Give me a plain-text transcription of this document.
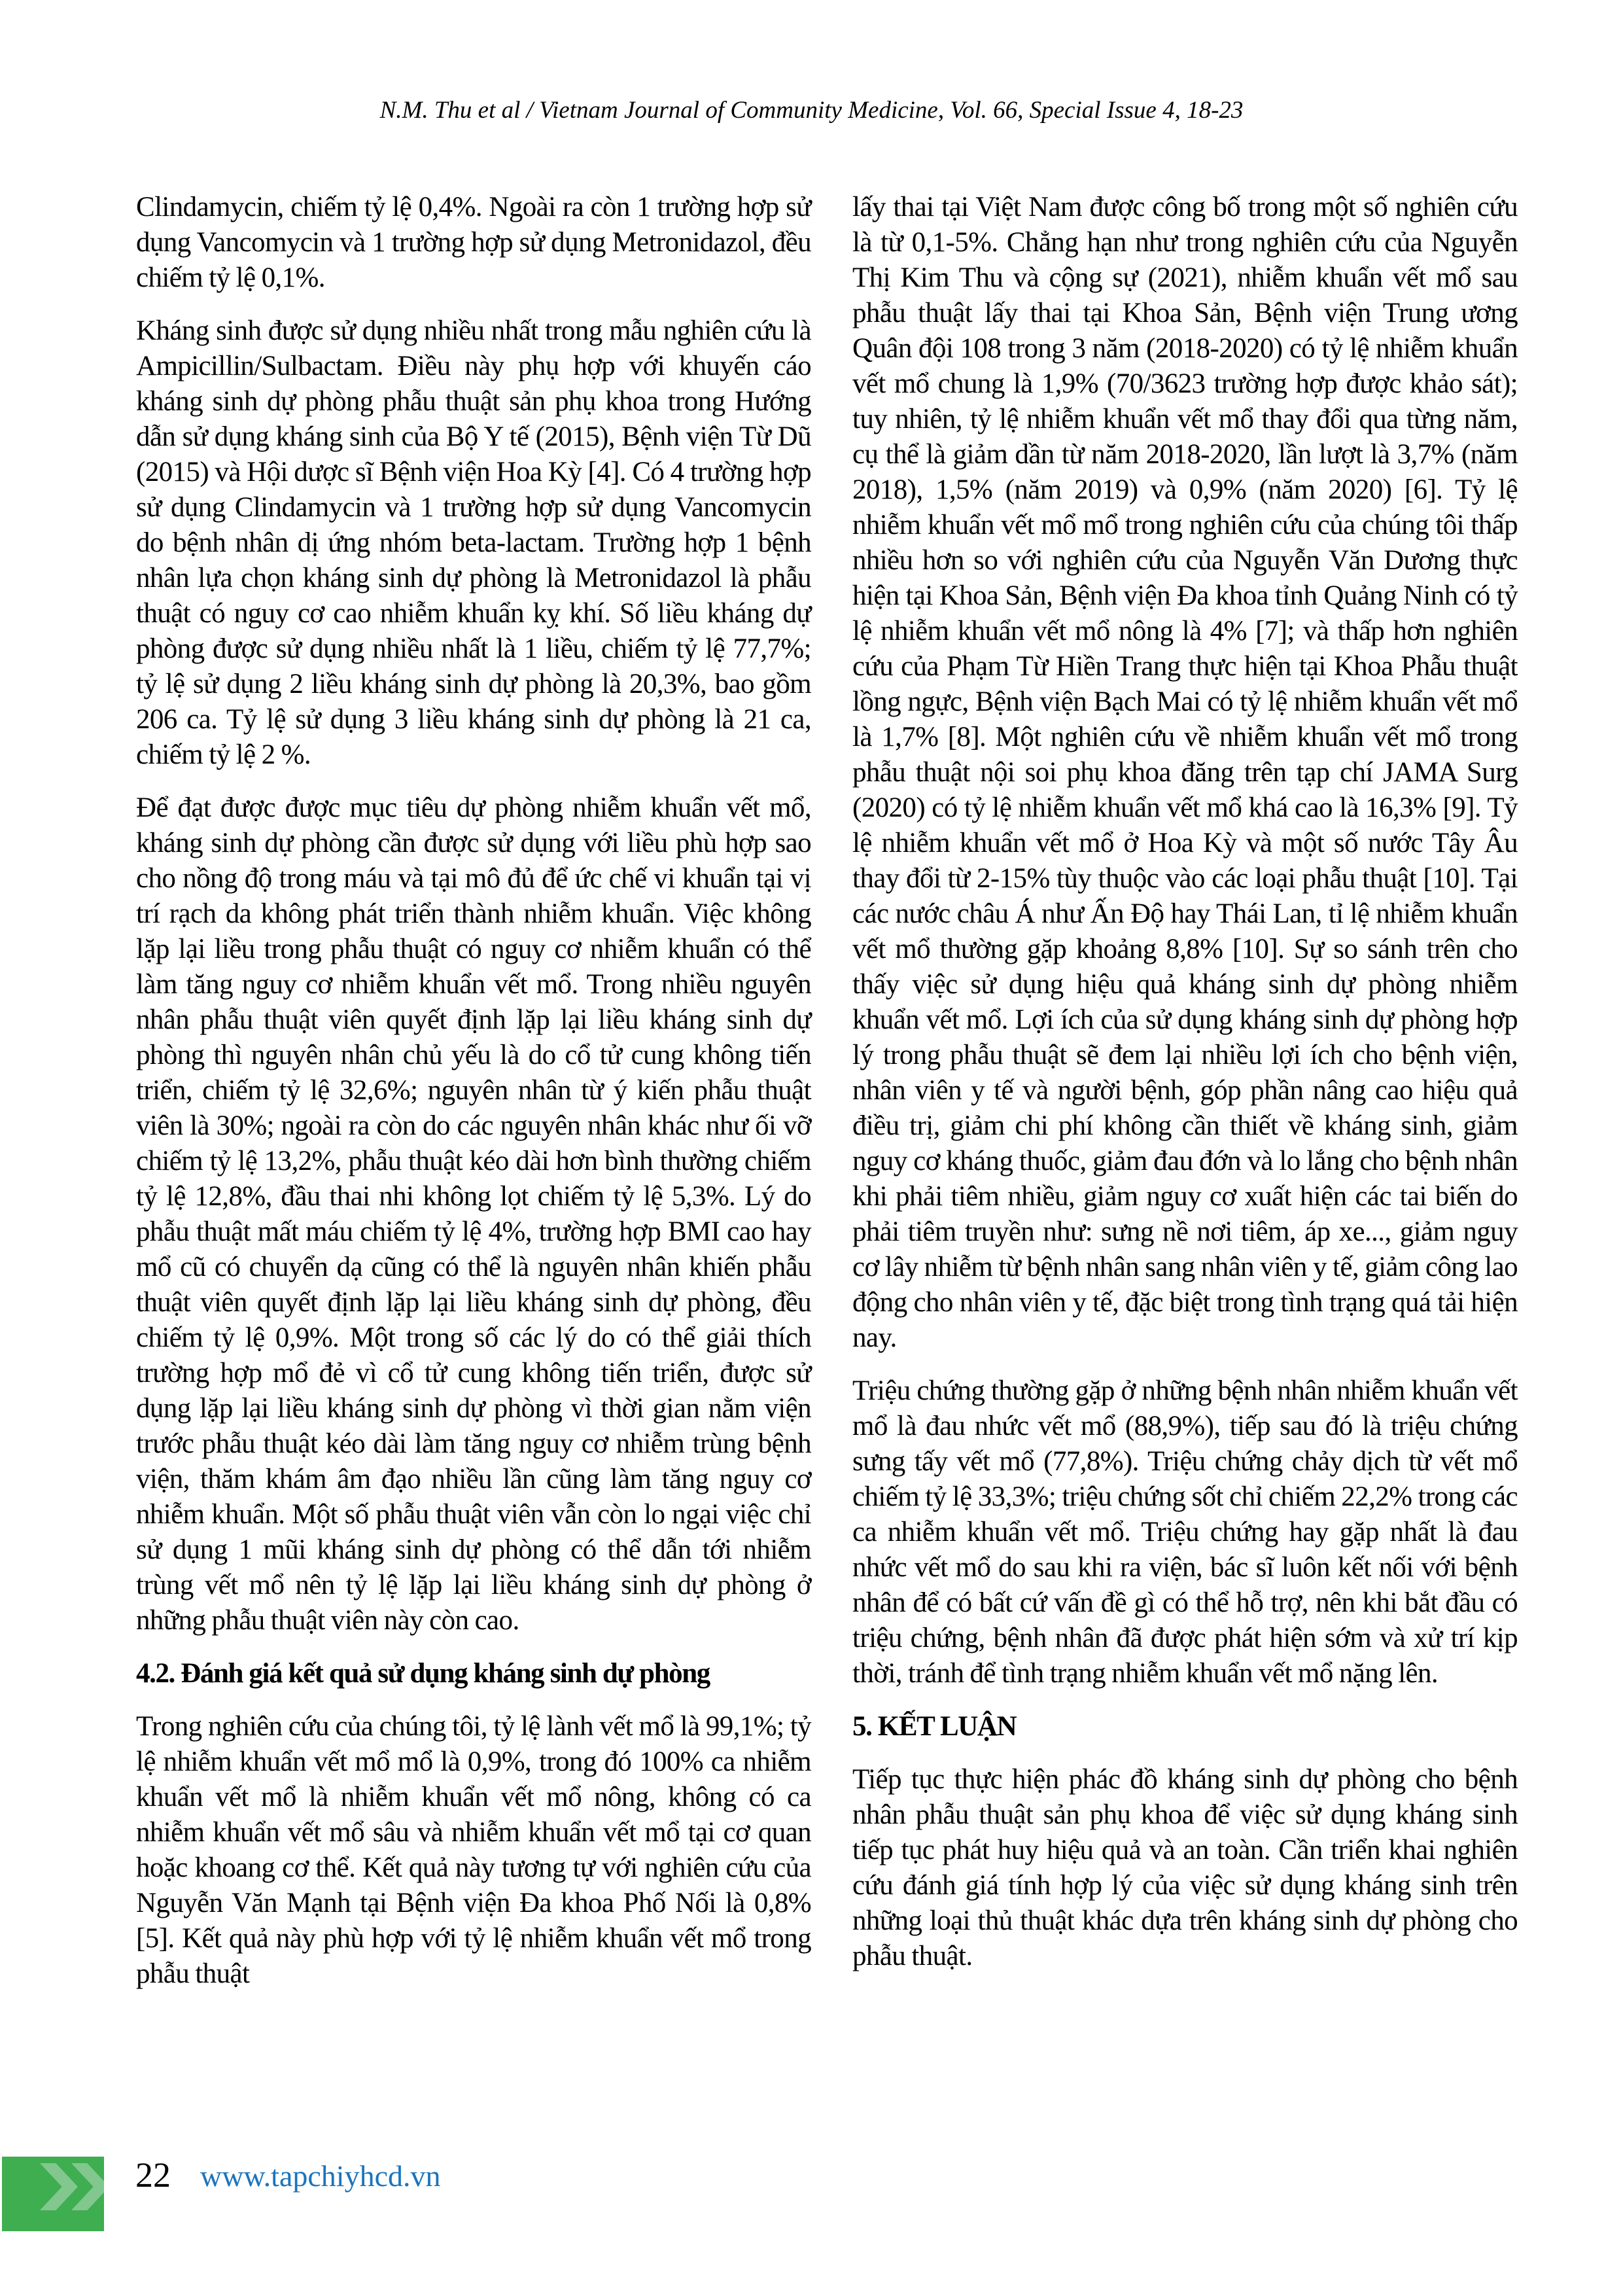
N.M. Thu et al / Vietnam Journal of Community Medicine, Vol. 66, Special Issue 4, 18-23

Clindamycin, chiếm tỷ lệ 0,4%. Ngoài ra còn 1 trường hợp sử dụng Vancomycin và 1 trường hợp sử dụng Metronidazol, đều chiếm tỷ lệ 0,1%.

Kháng sinh được sử dụng nhiều nhất trong mẫu nghiên cứu là Ampicillin/Sulbactam. Điều này phụ hợp với khuyến cáo kháng sinh dự phòng phẫu thuật sản phụ khoa trong Hướng dẫn sử dụng kháng sinh của Bộ Y tế (2015), Bệnh viện Từ Dũ (2015) và Hội dược sĩ Bệnh viện Hoa Kỳ [4]. Có 4 trường hợp sử dụng Clindamycin và 1 trường hợp sử dụng Vancomycin do bệnh nhân dị ứng nhóm beta-lactam. Trường hợp 1 bệnh nhân lựa chọn kháng sinh dự phòng là Metronidazol là phẫu thuật có nguy cơ cao nhiễm khuẩn kỵ khí. Số liều kháng dự phòng được sử dụng nhiều nhất là 1 liều, chiếm tỷ lệ 77,7%; tỷ lệ sử dụng 2 liều kháng sinh dự phòng là 20,3%, bao gồm 206 ca. Tỷ lệ sử dụng 3 liều kháng sinh dự phòng là 21 ca, chiếm tỷ lệ 2 %.

Để đạt được được mục tiêu dự phòng nhiễm khuẩn vết mổ, kháng sinh dự phòng cần được sử dụng với liều phù hợp sao cho nồng độ trong máu và tại mô đủ để ức chế vi khuẩn tại vị trí rạch da không phát triển thành nhiễm khuẩn. Việc không lặp lại liều trong phẫu thuật có nguy cơ nhiễm khuẩn có thể làm tăng nguy cơ nhiễm khuẩn vết mổ. Trong nhiều nguyên nhân phẫu thuật viên quyết định lặp lại liều kháng sinh dự phòng thì nguyên nhân chủ yếu là do cổ tử cung không tiến triển, chiếm tỷ lệ 32,6%; nguyên nhân từ ý kiến phẫu thuật viên là 30%; ngoài ra còn do các nguyên nhân khác như ối vỡ chiếm tỷ lệ 13,2%, phẫu thuật kéo dài hơn bình thường chiếm tỷ lệ 12,8%, đầu thai nhi không lọt chiếm tỷ lệ 5,3%. Lý do phẫu thuật mất máu chiếm tỷ lệ 4%, trường hợp BMI cao hay mổ cũ có chuyển dạ cũng có thể là nguyên nhân khiến phẫu thuật viên quyết định lặp lại liều kháng sinh dự phòng, đều chiếm tỷ lệ 0,9%. Một trong số các lý do có thể giải thích trường hợp mổ đẻ vì cổ tử cung không tiến triển, được sử dụng lặp lại liều kháng sinh dự phòng vì thời gian nằm viện trước phẫu thuật kéo dài làm tăng nguy cơ nhiễm trùng bệnh viện, thăm khám âm đạo nhiều lần cũng làm tăng nguy cơ nhiễm khuẩn. Một số phẫu thuật viên vẫn còn lo ngại việc chỉ sử dụng 1 mũi kháng sinh dự phòng có thể dẫn tới nhiễm trùng vết mổ nên tỷ lệ lặp lại liều kháng sinh dự phòng ở những phẫu thuật viên này còn cao.

4.2. Đánh giá kết quả sử dụng kháng sinh dự phòng

Trong nghiên cứu của chúng tôi, tỷ lệ lành vết mổ là 99,1%; tỷ lệ nhiễm khuẩn vết mổ mổ là 0,9%, trong đó 100% ca nhiễm khuẩn vết mổ là nhiễm khuẩn vết mổ nông, không có ca nhiễm khuẩn vết mổ sâu và nhiễm khuẩn vết mổ tại cơ quan hoặc khoang cơ thể. Kết quả này tương tự với nghiên cứu của Nguyễn Văn Mạnh tại Bệnh viện Đa khoa Phố Nối là 0,8% [5]. Kết quả này phù hợp với tỷ lệ nhiễm khuẩn vết mổ trong phẫu thuật

lấy thai tại Việt Nam được công bố trong một số nghiên cứu là từ 0,1-5%. Chẳng hạn như trong nghiên cứu của Nguyễn Thị Kim Thu và cộng sự (2021), nhiễm khuẩn vết mổ sau phẫu thuật lấy thai tại Khoa Sản, Bệnh viện Trung ương Quân đội 108 trong 3 năm (2018-2020) có tỷ lệ nhiễm khuẩn vết mổ chung là 1,9% (70/3623 trường hợp được khảo sát); tuy nhiên, tỷ lệ nhiễm khuẩn vết mổ thay đổi qua từng năm, cụ thể là giảm dần từ năm 2018-2020, lần lượt là 3,7% (năm 2018), 1,5% (năm 2019) và 0,9% (năm 2020) [6]. Tỷ lệ nhiễm khuẩn vết mổ mổ trong nghiên cứu của chúng tôi thấp nhiều hơn so với nghiên cứu của Nguyễn Văn Dương thực hiện tại Khoa Sản, Bệnh viện Đa khoa tỉnh Quảng Ninh có tỷ lệ nhiễm khuẩn vết mổ nông là 4% [7]; và thấp hơn nghiên cứu của Phạm Từ Hiền Trang thực hiện tại Khoa Phẫu thuật lồng ngực, Bệnh viện Bạch Mai có tỷ lệ nhiễm khuẩn vết mổ là 1,7% [8]. Một nghiên cứu về nhiễm khuẩn vết mổ trong phẫu thuật nội soi phụ khoa đăng trên tạp chí JAMA Surg (2020) có tỷ lệ nhiễm khuẩn vết mổ khá cao là 16,3% [9]. Tỷ lệ nhiễm khuẩn vết mổ ở Hoa Kỳ và một số nước Tây Âu thay đổi từ 2-15% tùy thuộc vào các loại phẫu thuật [10]. Tại các nước châu Á như Ấn Độ hay Thái Lan, tỉ lệ nhiễm khuẩn vết mổ thường gặp khoảng 8,8% [10]. Sự so sánh trên cho thấy việc sử dụng hiệu quả kháng sinh dự phòng nhiễm khuẩn vết mổ. Lợi ích của sử dụng kháng sinh dự phòng hợp lý trong phẫu thuật sẽ đem lại nhiều lợi ích cho bệnh viện, nhân viên y tế và người bệnh, góp phần nâng cao hiệu quả điều trị, giảm chi phí không cần thiết về kháng sinh, giảm nguy cơ kháng thuốc, giảm đau đớn và lo lắng cho bệnh nhân khi phải tiêm nhiều, giảm nguy cơ xuất hiện các tai biến do phải tiêm truyền như: sưng nề nơi tiêm, áp xe..., giảm nguy cơ lây nhiễm từ bệnh nhân sang nhân viên y tế, giảm công lao động cho nhân viên y tế, đặc biệt trong tình trạng quá tải hiện nay.

Triệu chứng thường gặp ở những bệnh nhân nhiễm khuẩn vết mổ là đau nhức vết mổ (88,9%), tiếp sau đó là triệu chứng sưng tấy vết mổ (77,8%). Triệu chứng chảy dịch từ vết mổ chiếm tỷ lệ 33,3%; triệu chứng sốt chỉ chiếm 22,2% trong các ca nhiễm khuẩn vết mổ. Triệu chứng hay gặp nhất là đau nhức vết mổ do sau khi ra viện, bác sĩ luôn kết nối với bệnh nhân để có bất cứ vấn đề gì có thể hỗ trợ, nên khi bắt đầu có triệu chứng, bệnh nhân đã được phát hiện sớm và xử trí kịp thời, tránh để tình trạng nhiễm khuẩn vết mổ nặng lên.

5. KẾT LUẬN

Tiếp tục thực hiện phác đồ kháng sinh dự phòng cho bệnh nhân phẫu thuật sản phụ khoa để việc sử dụng kháng sinh tiếp tục phát huy hiệu quả và an toàn. Cần triển khai nghiên cứu đánh giá tính hợp lý của việc sử dụng kháng sinh trên những loại thủ thuật khác dựa trên kháng sinh dự phòng cho phẫu thuật.

22 www.tapchiyhcd.vn
